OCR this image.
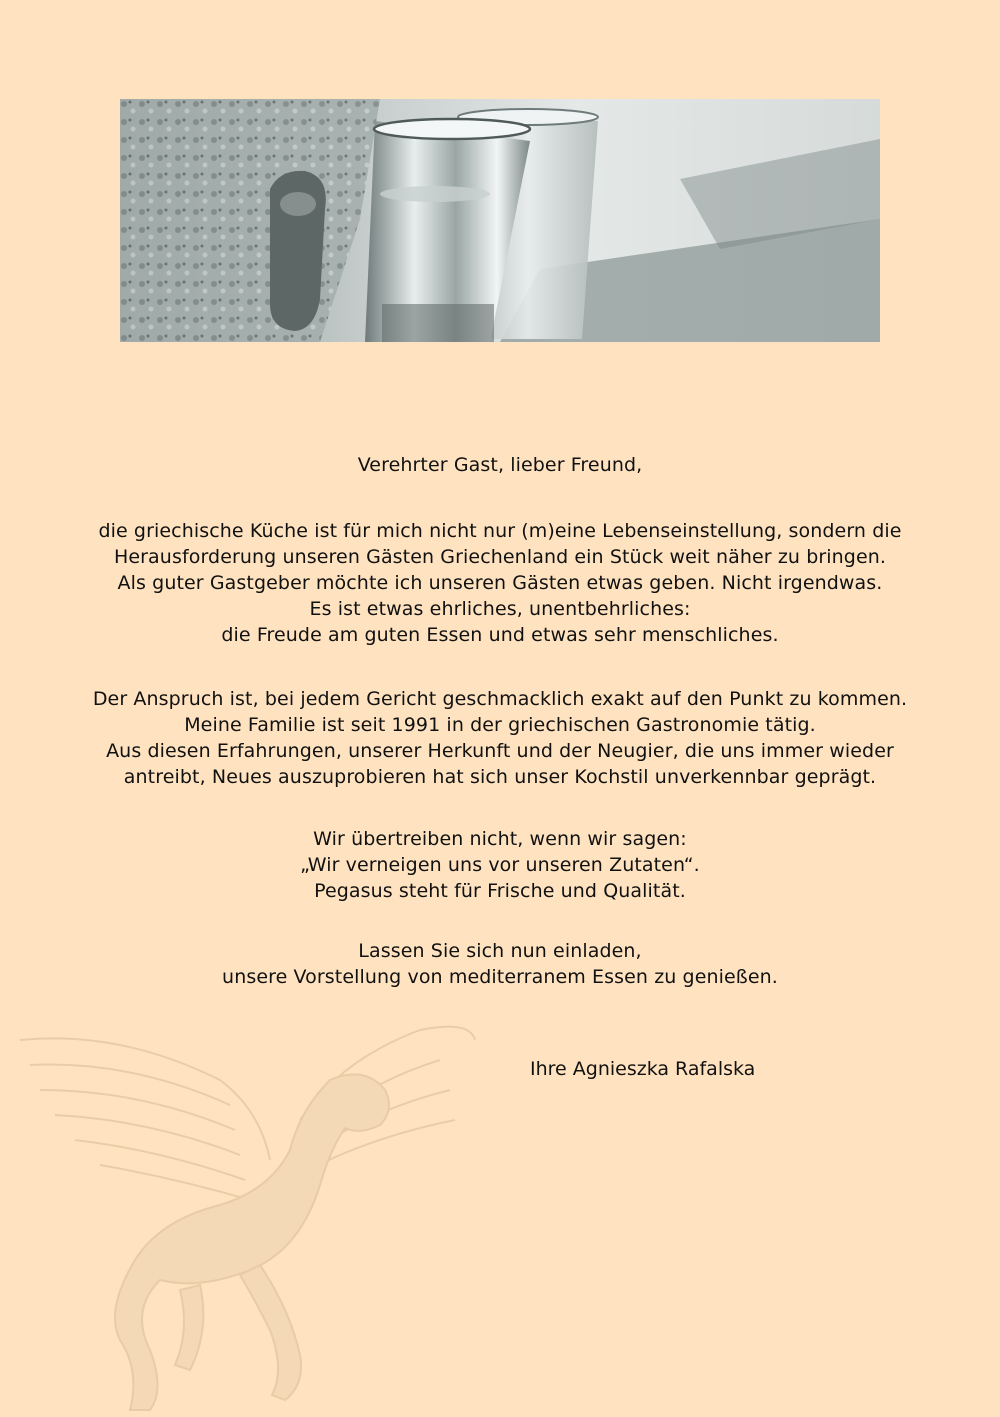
Verehrter Gast, lieber Freund,

die griechische Küche ist für mich nicht nur (m)eine Lebenseinstellung, sondern die
Herausforderung unseren Gästen Griechenland ein Stück weit näher zu bringen.
Als guter Gastgeber möchte ich unseren Gästen etwas geben. Nicht irgendwas.
Es ist etwas ehrliches, unentbehrliches:
die Freude am guten Essen und etwas sehr menschliches.

Der Anspruch ist, bei jedem Gericht geschmacklich exakt auf den Punkt zu kommen.
Meine Familie ist seit 1991 in der griechischen Gastronomie tätig.
Aus diesen Erfahrungen, unserer Herkunft und der Neugier, die uns immer wieder
antreibt, Neues auszuprobieren hat sich unser Kochstil unverkennbar geprägt.

Wir übertreiben nicht, wenn wir sagen:
„Wir verneigen uns vor unseren Zutaten“.
Pegasus steht für Frische und Qualität.

Lassen Sie sich nun einladen,
unsere Vorstellung von mediterranem Essen zu genießen.

Ihre Agnieszka Rafalska
